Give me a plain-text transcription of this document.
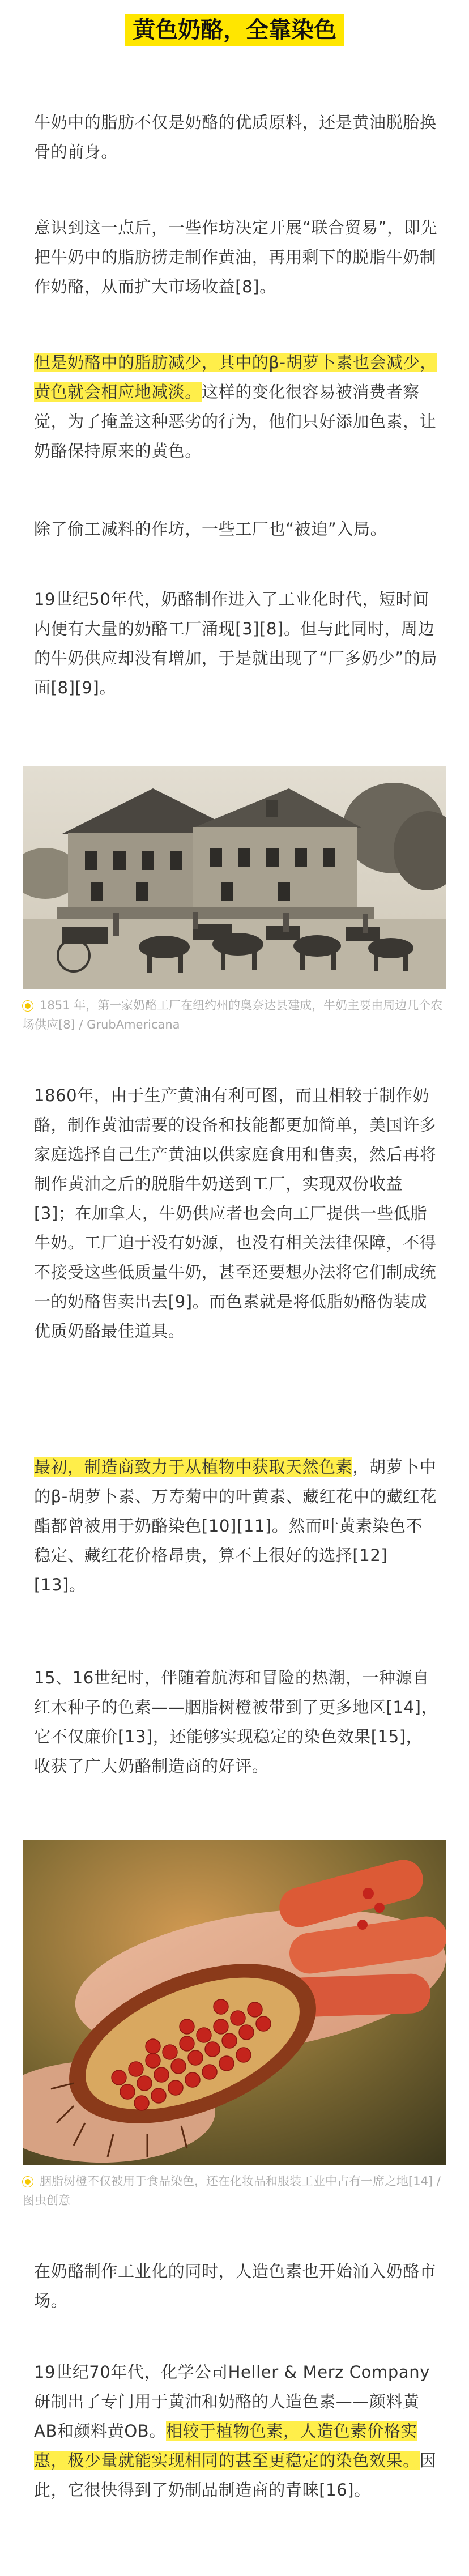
黄色奶酪，全靠染色

牛奶中的脂肪不仅是奶酪的优质原料，还是黄油脱胎换骨的前身。

意识到这一点后，一些作坊决定开展“联合贸易”，即先把牛奶中的脂肪捞走制作黄油，再用剩下的脱脂牛奶制作奶酪，从而扩大市场收益[8]。

但是奶酪中的脂肪减少，其中的β-胡萝卜素也会减少，黄色就会相应地减淡。这样的变化很容易被消费者察觉，为了掩盖这种恶劣的行为，他们只好添加色素，让奶酪保持原来的黄色。

除了偷工减料的作坊，一些工厂也“被迫”入局。

19世纪50年代，奶酪制作进入了工业化时代，短时间内便有大量的奶酪工厂涌现[3][8]。但与此同时，周边的牛奶供应却没有增加，于是就出现了“厂多奶少”的局面[8][9]。

1851 年，第一家奶酪工厂在纽约州的奥奈达县建成，牛奶主要由周边几个农场供应[8] / GrubAmericana

1860年，由于生产黄油有利可图，而且相较于制作奶酪，制作黄油需要的设备和技能都更加简单，美国许多家庭选择自己生产黄油以供家庭食用和售卖，然后再将制作黄油之后的脱脂牛奶送到工厂，实现双份收益[3]；在加拿大，牛奶供应者也会向工厂提供一些低脂牛奶。工厂迫于没有奶源，也没有相关法律保障，不得不接受这些低质量牛奶，甚至还要想办法将它们制成统一的奶酪售卖出去[9]。而色素就是将低脂奶酪伪装成优质奶酪最佳道具。

最初，制造商致力于从植物中获取天然色素，胡萝卜中的β-胡萝卜素、万寿菊中的叶黄素、藏红花中的藏红花酯都曾被用于奶酪染色[10][11]。然而叶黄素染色不稳定、藏红花价格昂贵，算不上很好的选择[12][13]。

15、16世纪时，伴随着航海和冒险的热潮，一种源自红木种子的色素——胭脂树橙被带到了更多地区[14]，它不仅廉价[13]，还能够实现稳定的染色效果[15]，收获了广大奶酪制造商的好评。

胭脂树橙不仅被用于食品染色，还在化妆品和服装工业中占有一席之地[14] / 图虫创意

在奶酪制作工业化的同时，人造色素也开始涌入奶酪市场。

19世纪70年代，化学公司Heller & Merz Company研制出了专门用于黄油和奶酪的人造色素——颜料黄AB和颜料黄OB。相较于植物色素，人造色素价格实惠，极少量就能实现相同的甚至更稳定的染色效果。因此，它很快得到了奶制品制造商的青睐[16]。
